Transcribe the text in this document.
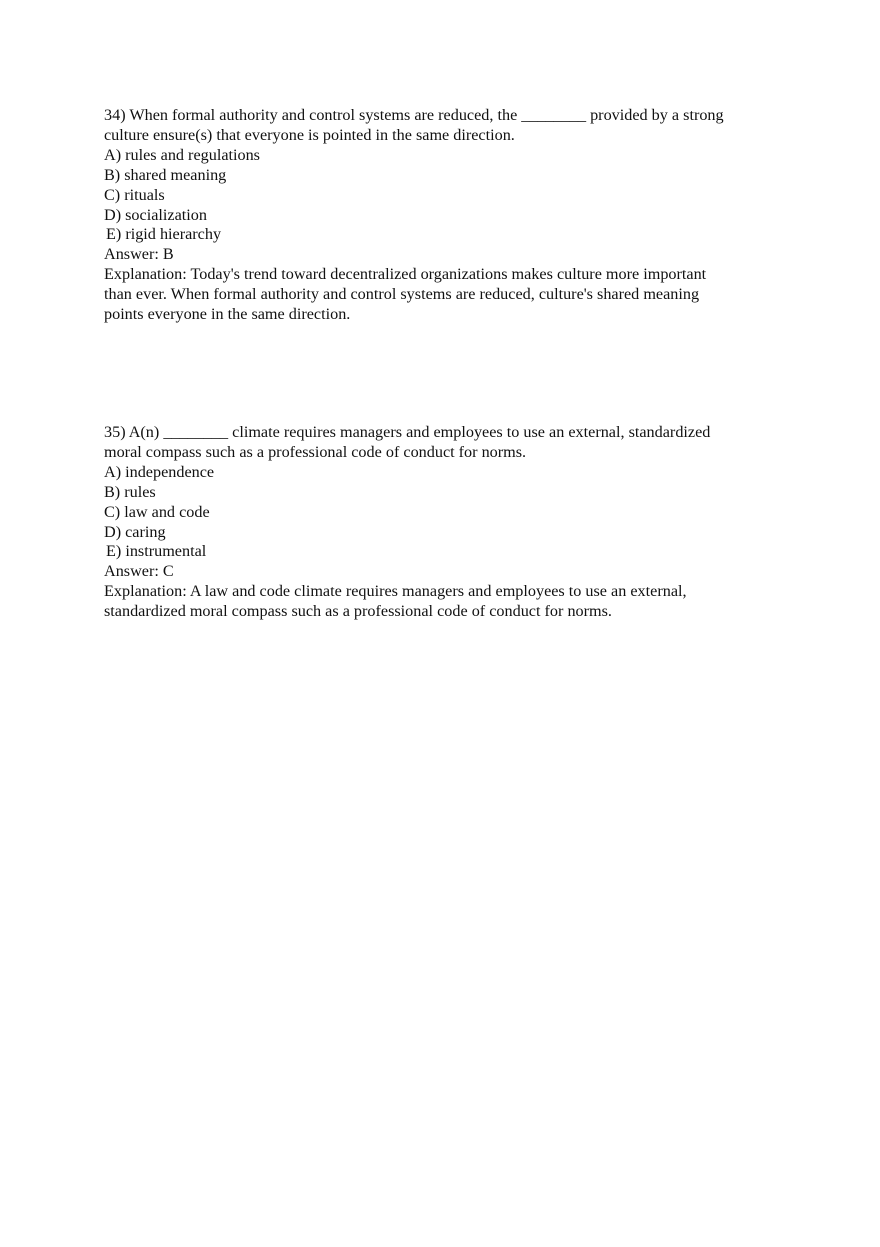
34) When formal authority and control systems are reduced, the ________ provided by a strong
culture ensure(s) that everyone is pointed in the same direction.
A) rules and regulations
B) shared meaning
C) rituals
D) socialization
E) rigid hierarchy
Answer: B
Explanation: Today's trend toward decentralized organizations makes culture more important
than ever. When formal authority and control systems are reduced, culture's shared meaning
points everyone in the same direction.
35) A(n) ________ climate requires managers and employees to use an external, standardized
moral compass such as a professional code of conduct for norms.
A) independence
B) rules
C) law and code
D) caring
E) instrumental
Answer: C
Explanation: A law and code climate requires managers and employees to use an external,
standardized moral compass such as a professional code of conduct for norms.
